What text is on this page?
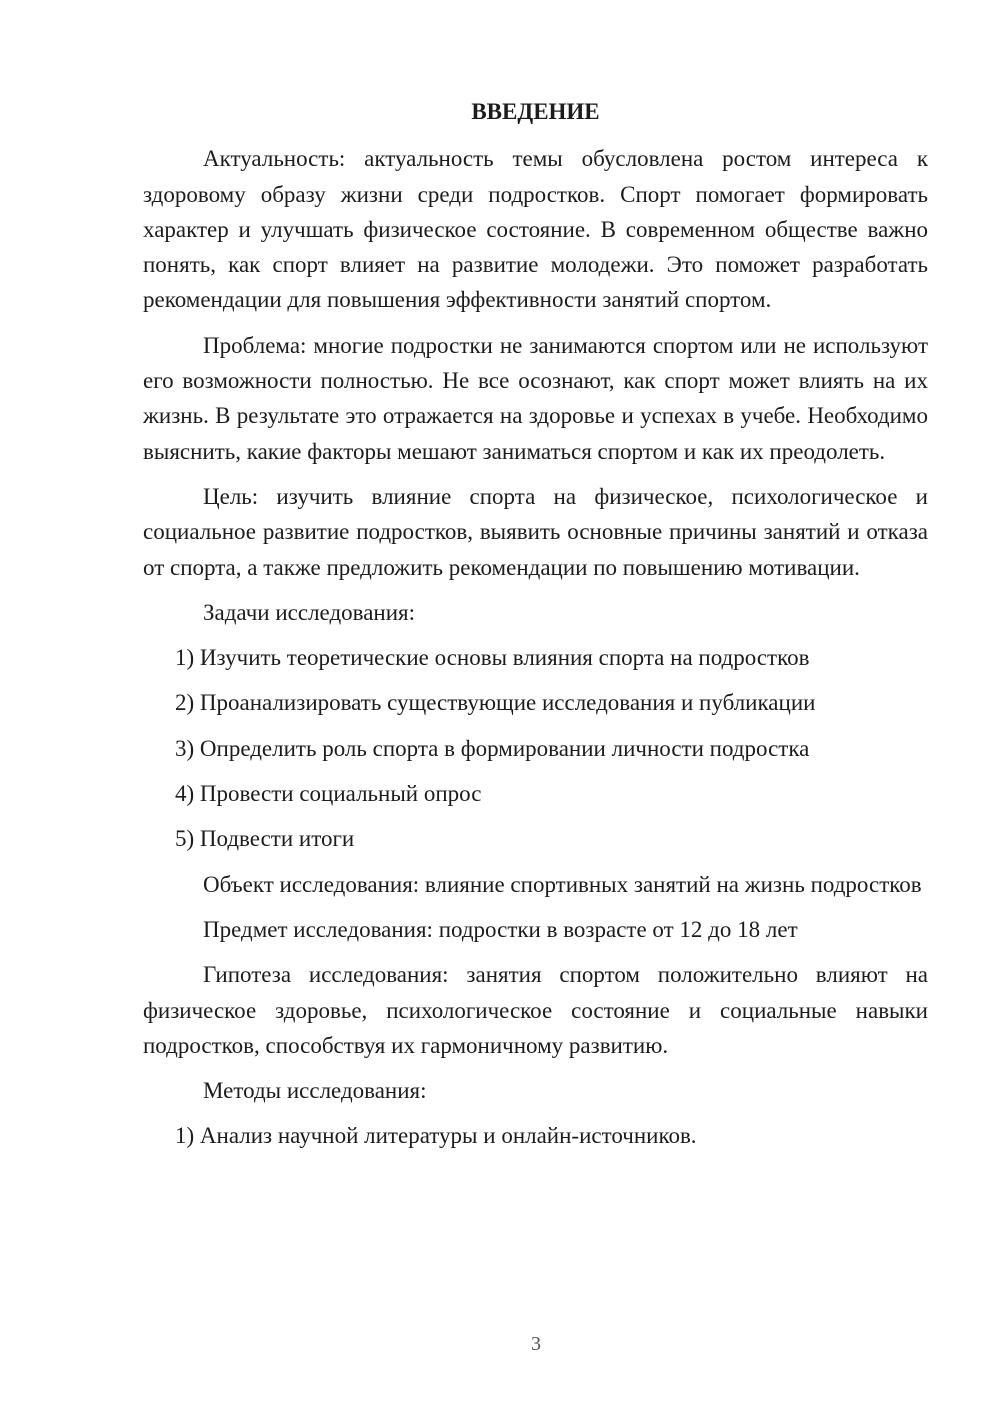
ВВЕДЕНИЕ

Актуальность: актуальность темы обусловлена ростом интереса к здоровому образу жизни среди подростков. Спорт помогает формировать характер и улучшать физическое состояние. В современном обществе важно понять, как спорт влияет на развитие молодежи. Это поможет разработать рекомендации для повышения эффективности занятий спортом.

Проблема: многие подростки не занимаются спортом или не используют его возможности полностью. Не все осознают, как спорт может влиять на их жизнь. В результате это отражается на здоровье и успехах в учебе. Необходимо выяснить, какие факторы мешают заниматься спортом и как их преодолеть.

Цель: изучить влияние спорта на физическое, психологическое и социальное развитие подростков, выявить основные причины занятий и отказа от спорта, а также предложить рекомендации по повышению мотивации.

Задачи исследования:
1) Изучить теоретические основы влияния спорта на подростков
2) Проанализировать существующие исследования и публикации
3) Определить роль спорта в формировании личности подростка
4) Провести социальный опрос
5) Подвести итоги

Объект исследования: влияние спортивных занятий на жизнь подростков

Предмет исследования: подростки в возрасте от 12 до 18 лет

Гипотеза исследования: занятия спортом положительно влияют на физическое здоровье, психологическое состояние и социальные навыки подростков, способствуя их гармоничному развитию.

Методы исследования:
1) Анализ научной литературы и онлайн-источников.
3
